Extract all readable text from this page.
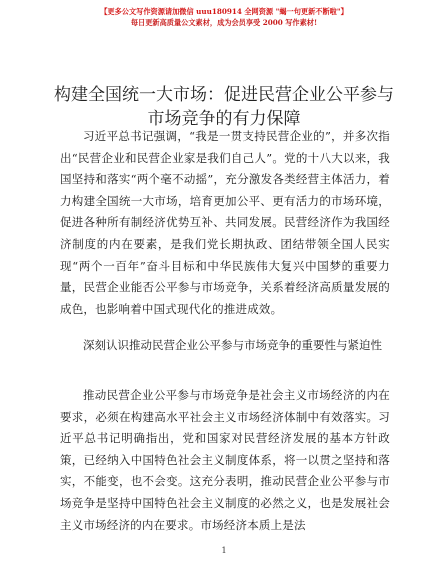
【更多公文写作资源请加微信 uuu180914 全网资源 "蝎一句更新不断啦"】
每日更新高质量公文素材，成为会员享受 2000 写作素材!
构建全国统一大市场：促进民营企业公平参与
市场竞争的有力保障
习近平总书记强调，“我是一贯支持民营企业的”，并多次指出“民营企业和民营企业家是我们自己人”。党的十八大以来，我国坚持和落实“两个毫不动摇”，充分激发各类经营主体活力，着力构建全国统一大市场，培育更加公平、更有活力的市场环境，促进各种所有制经济优势互补、共同发展。民营经济作为我国经济制度的内在要素，是我们党长期执政、团结带领全国人民实现“两个一百年”奋斗目标和中华民族伟大复兴中国梦的重要力量，民营企业能否公平参与市场竞争，关系着经济高质量发展的成色，也影响着中国式现代化的推进成效。
深刻认识推动民营企业公平参与市场竞争的重要性与紧迫性
推动民营企业公平参与市场竞争是社会主义市场经济的内在要求，必须在构建高水平社会主义市场经济体制中有效落实。习近平总书记明确指出，党和国家对民营经济发展的基本方针政策，已经纳入中国特色社会主义制度体系，将一以贯之坚持和落实，不能变，也不会变。这充分表明，推动民营企业公平参与市场竞争是坚持中国特色社会主义制度的必然之义，也是发展社会主义市场经济的内在要求。市场经济本质上是法
1
